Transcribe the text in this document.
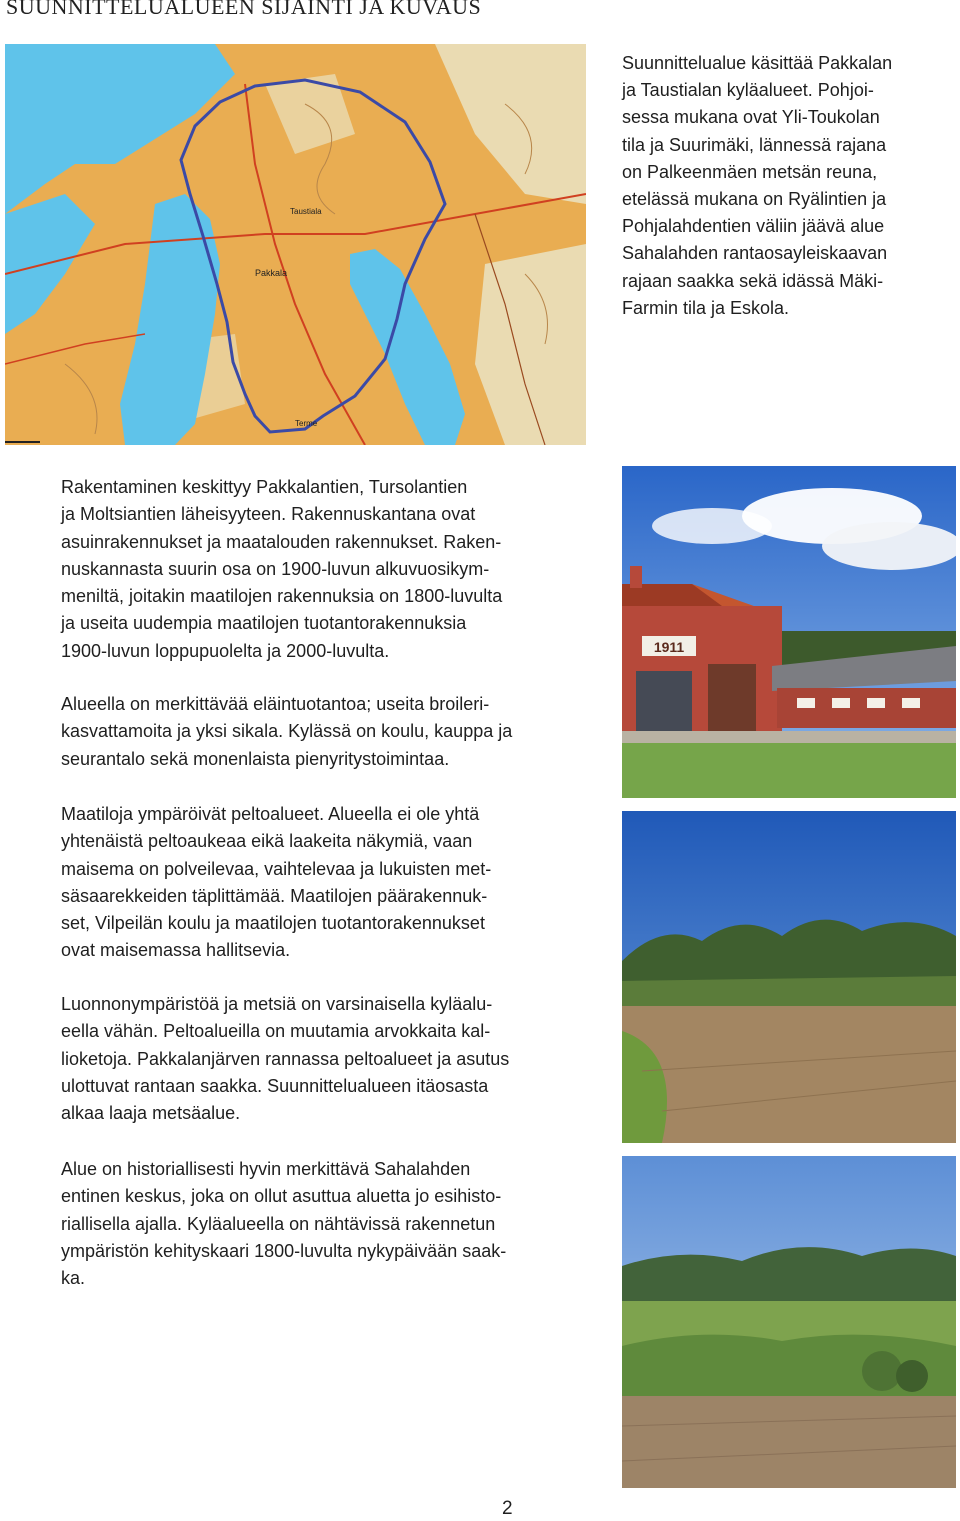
SUUNNITTELUALUEEN SIJAINTI JA KUVAUS
Pakkala
Taustiala
Terme
Suunnittelualue käsittää Pakkalan
ja Taustialan kyläalueet. Pohjoi-
sessa mukana ovat Yli-Toukolan
tila ja Suurimäki, lännessä rajana
on Palkeenmäen metsän reuna,
etelässä mukana on Ryälintien ja
Pohjalahdentien väliin jäävä alue
Sahalahden rantaosayleiskaavan
rajaan saakka sekä idässä Mäki-
Farmin tila ja Eskola.
Rakentaminen keskittyy Pakkalantien, Tursolantien
ja Moltsiantien läheisyyteen. Rakennuskantana ovat
asuinrakennukset ja maatalouden rakennukset. Raken-
nuskannasta suurin osa on 1900-luvun alkuvuosikym-
meniltä, joitakin maatilojen rakennuksia on 1800-luvulta
ja useita uudempia maatilojen tuotantorakennuksia
1900-luvun loppupuolelta ja 2000-luvulta.
Alueella on merkittävää eläintuotantoa; useita broileri-
kasvattamoita ja yksi sikala. Kylässä on koulu, kauppa ja
seurantalo sekä monenlaista pienyritystoimintaa.
Maatiloja ympäröivät peltoalueet. Alueella ei ole yhtä
yhtenäistä peltoaukeaa eikä laakeita näkymiä, vaan
maisema on polveilevaa, vaihtelevaa ja lukuisten met-
säsaarekkeiden täplittämää. Maatilojen päärakennuk-
set, Vilpeilän koulu ja maatilojen tuotantorakennukset
ovat maisemassa hallitsevia.
Luonnonympäristöä ja metsiä on varsinaisella kyläalu-
eella vähän. Peltoalueilla on muutamia arvokkaita kal-
lioketoja. Pakkalanjärven rannassa peltoalueet ja asutus
ulottuvat rantaan saakka. Suunnittelualueen itäosasta
alkaa laaja metsäalue.
Alue on historiallisesti hyvin merkittävä Sahalahden
entinen keskus, joka on ollut asuttua aluetta jo esihisto-
riallisella ajalla. Kyläalueella on nähtävissä rakennetun
ympäristön kehityskaari 1800-luvulta nykypäivään saak-
ka.
1911
2
